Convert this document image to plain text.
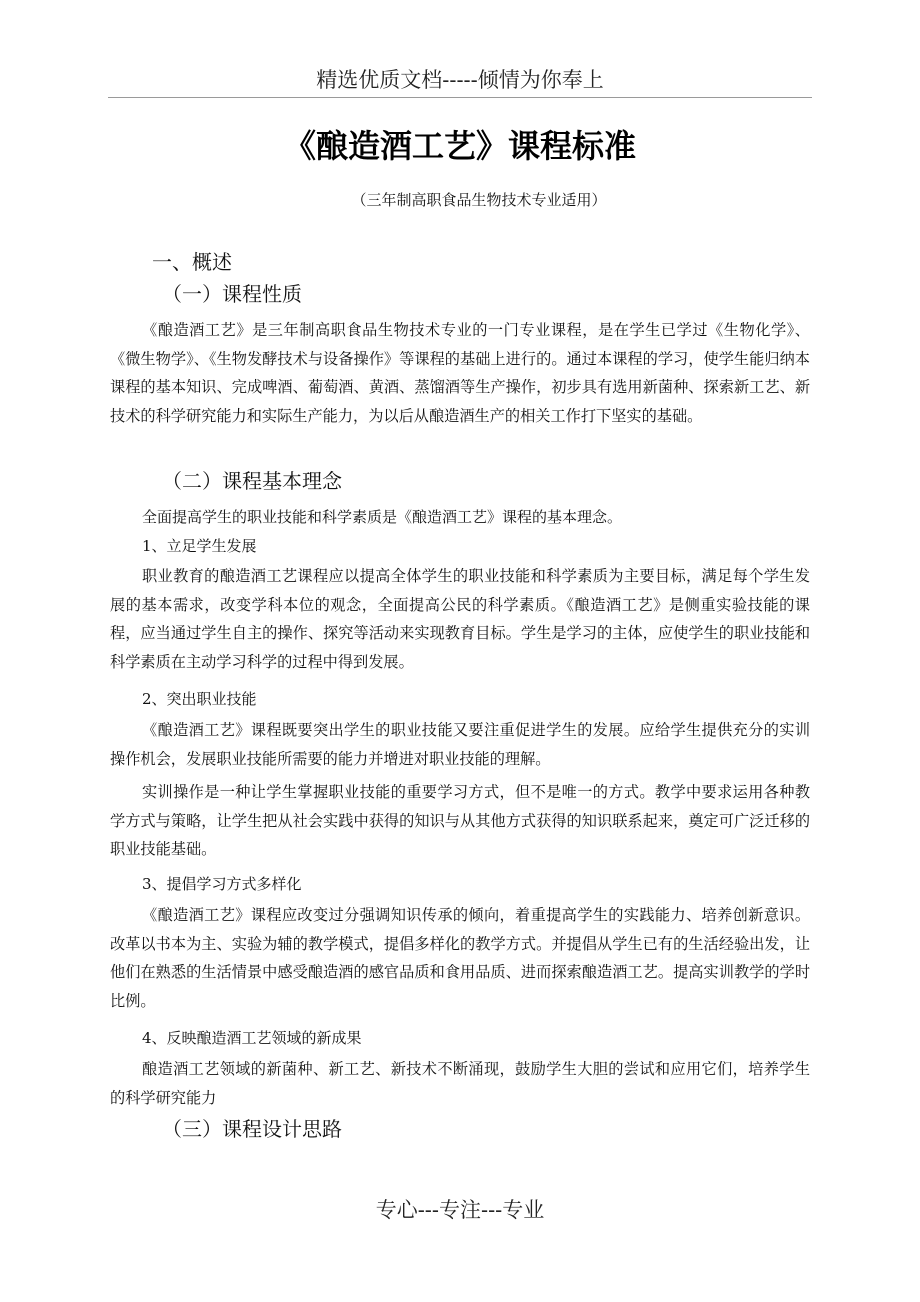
精选优质文档-----倾情为你奉上
《酿造酒工艺》课程标准
（三年制高职食品生物技术专业适用）
一、概述
（一）课程性质

《酿造酒工艺》是三年制高职食品生物技术专业的一门专业课程，是在学生已学过《生物化学》、《微生物学》、《生物发酵技术与设备操作》等课程的基础上进行的。通过本课程的学习，使学生能归纳本课程的基本知识、完成啤酒、葡萄酒、黄酒、蒸馏酒等生产操作，初步具有选用新菌种、探索新工艺、新技术的科学研究能力和实际生产能力，为以后从酿造酒生产的相关工作打下坚实的基础。

（二）课程基本理念
全面提高学生的职业技能和科学素质是《酿造酒工艺》课程的基本理念。
1、立足学生发展

职业教育的酿造酒工艺课程应以提高全体学生的职业技能和科学素质为主要目标，满足每个学生发展的基本需求，改变学科本位的观念，全面提高公民的科学素质。《酿造酒工艺》是侧重实验技能的课程，应当通过学生自主的操作、探究等活动来实现教育目标。学生是学习的主体，应使学生的职业技能和科学素质在主动学习科学的过程中得到发展。

2、突出职业技能

《酿造酒工艺》课程既要突出学生的职业技能又要注重促进学生的发展。应给学生提供充分的实训操作机会，发展职业技能所需要的能力并增进对职业技能的理解。

实训操作是一种让学生掌握职业技能的重要学习方式，但不是唯一的方式。教学中要求运用各种教学方式与策略，让学生把从社会实践中获得的知识与从其他方式获得的知识联系起来，奠定可广泛迁移的职业技能基础。

3、提倡学习方式多样化

《酿造酒工艺》课程应改变过分强调知识传承的倾向，着重提高学生的实践能力、培养创新意识。改革以书本为主、实验为辅的教学模式，提倡多样化的教学方式。并提倡从学生已有的生活经验出发，让他们在熟悉的生活情景中感受酿造酒的感官品质和食用品质、进而探索酿造酒工艺。提高实训教学的学时比例。

4、反映酿造酒工艺领域的新成果

酿造酒工艺领域的新菌种、新工艺、新技术不断涌现，鼓励学生大胆的尝试和应用它们，培养学生的科学研究能力

（三）课程设计思路
专心---专注---专业
